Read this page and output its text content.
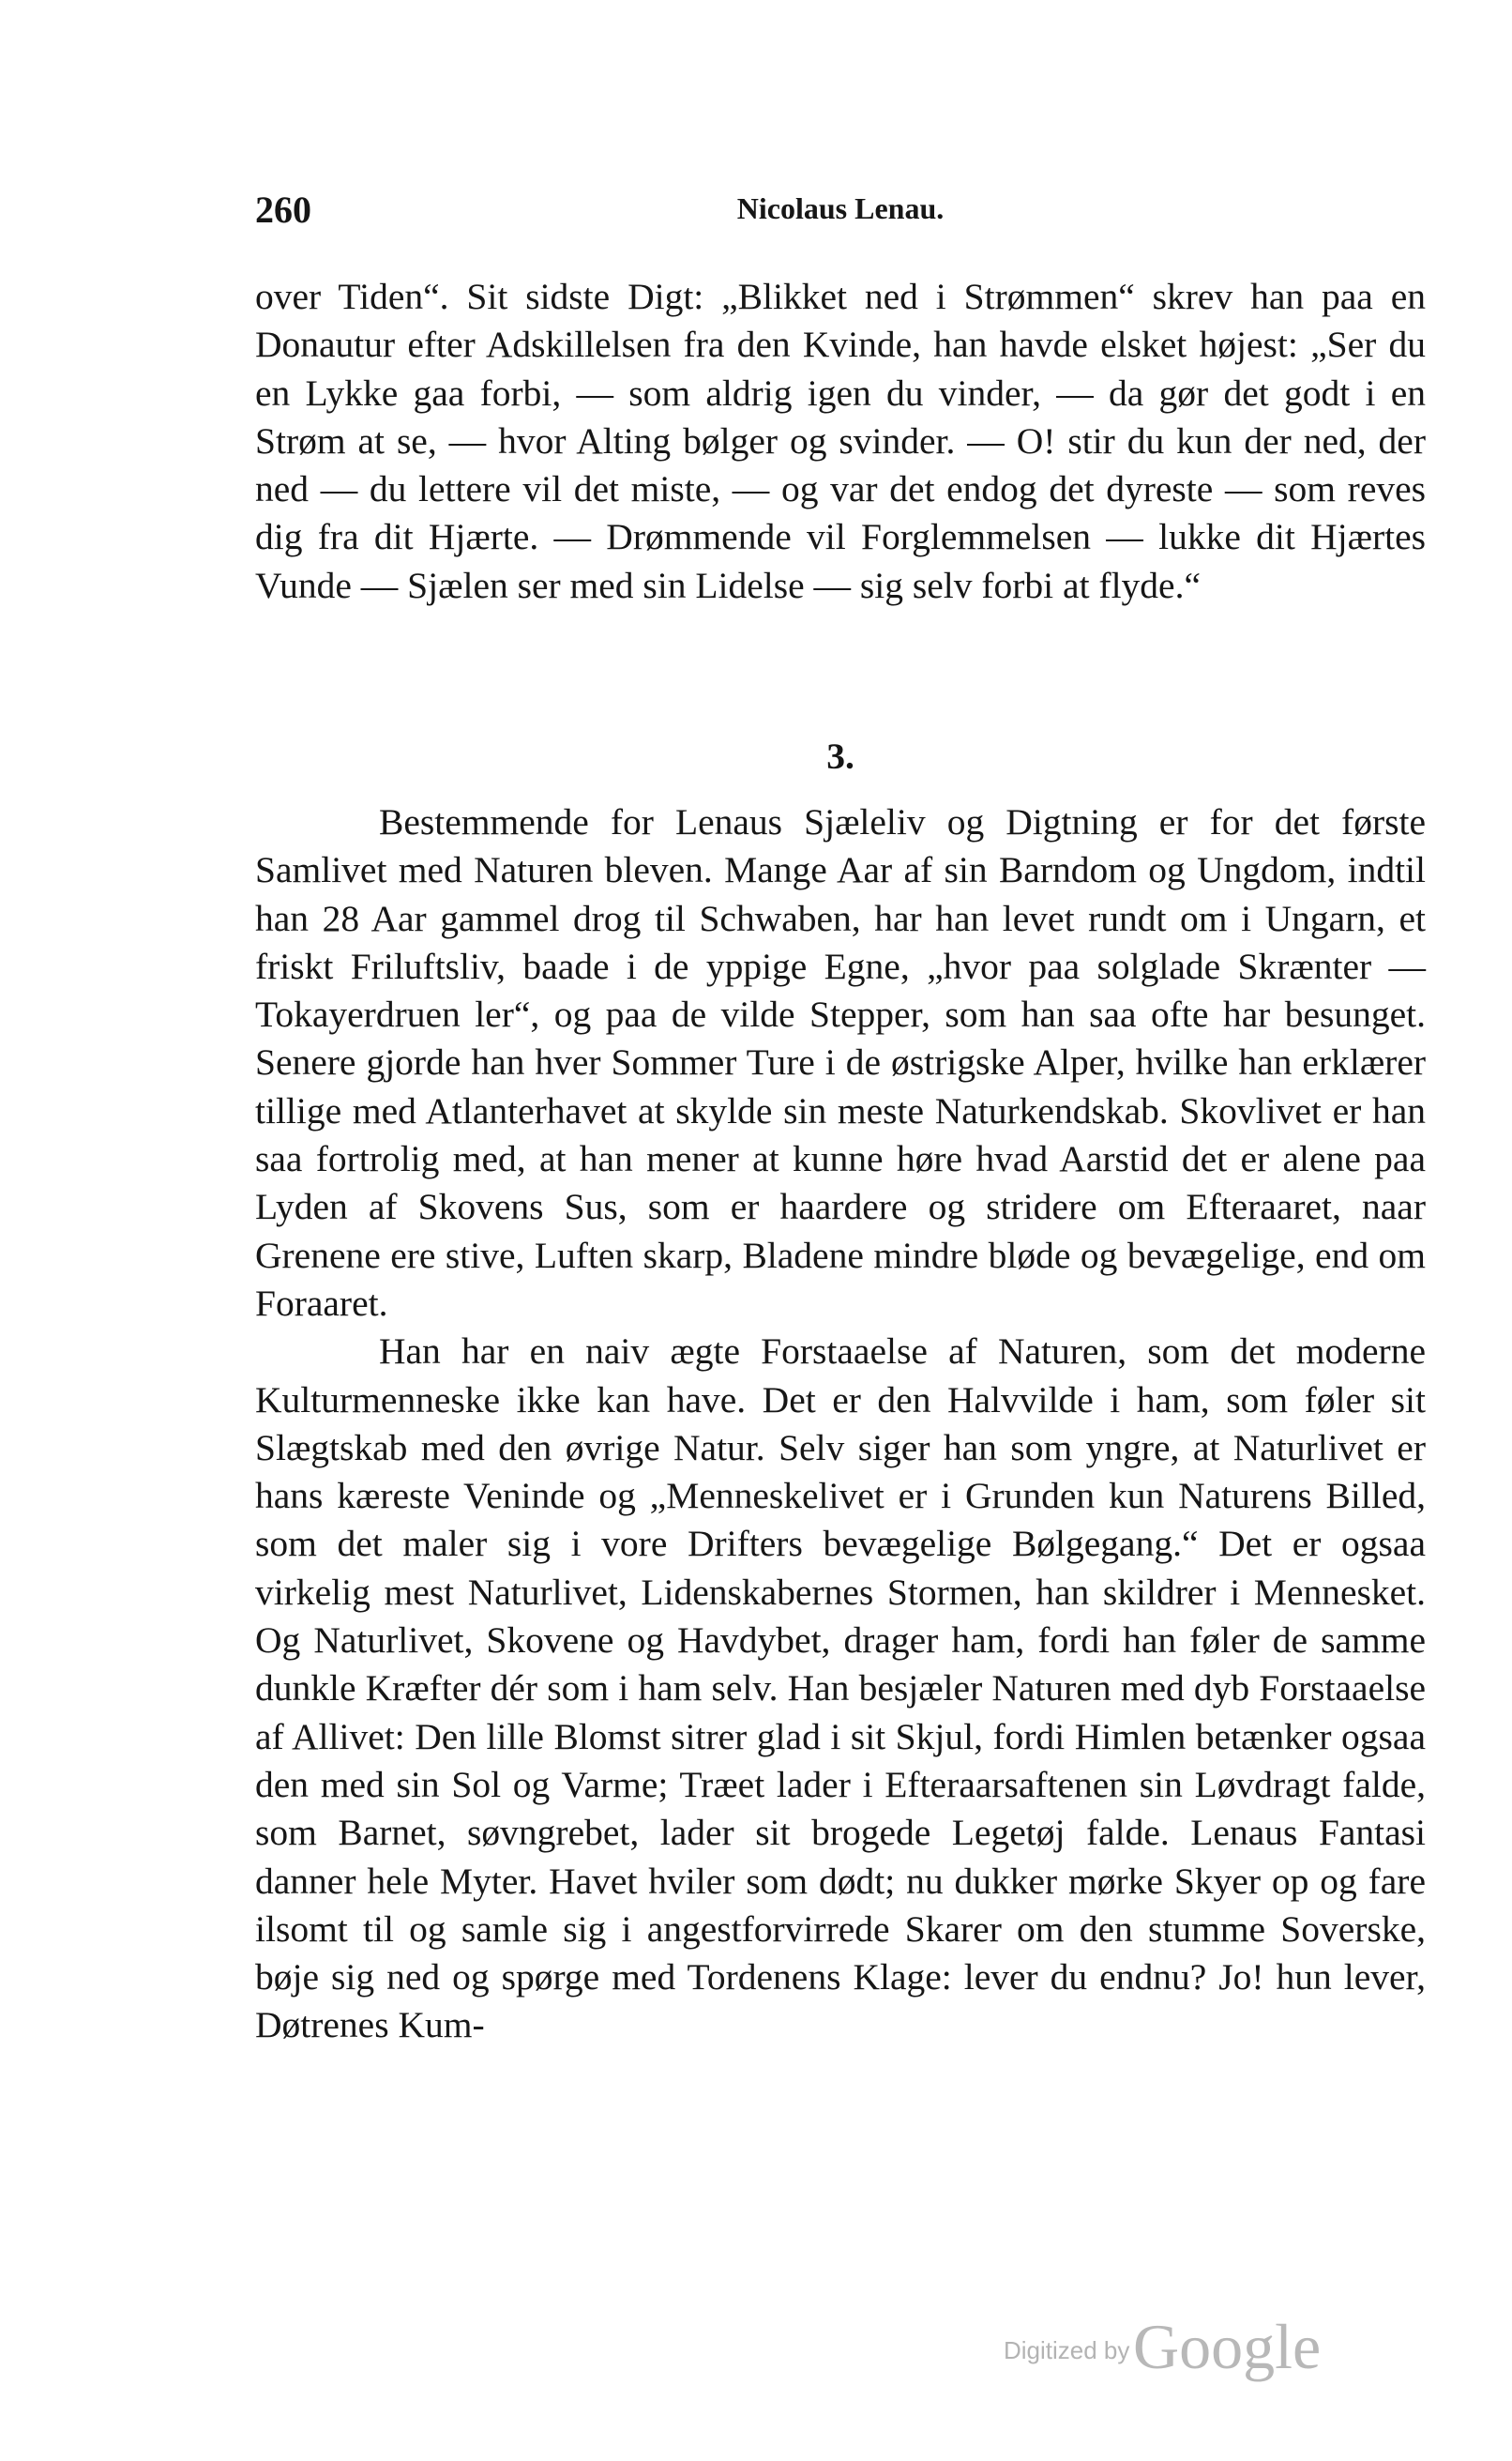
260	Nicolaus Lenau.

over Tiden“. Sit sidste Digt: „Blikket ned i Strømmen“ skrev han paa en Donautur efter Adskillelsen fra den Kvinde, han havde elsket højest: „Ser du en Lykke gaa forbi, — som aldrig igen du vinder, — da gør det godt i en Strøm at se, — hvor Alting bølger og svinder. — O! stir du kun der ned, der ned — du lettere vil det miste, — og var det endog det dyreste — som reves dig fra dit Hjærte. — Drømmende vil Forglemmelsen — lukke dit Hjærtes Vunde — Sjælen ser med sin Lidelse — sig selv forbi at flyde.“

3.

Bestemmende for Lenaus Sjæleliv og Digtning er for det første Samlivet med Naturen bleven. Mange Aar af sin Barndom og Ungdom, indtil han 28 Aar gammel drog til Schwaben, har han levet rundt om i Ungarn, et friskt Friluftsliv, baade i de yppige Egne, „hvor paa solglade Skrænter — Tokayerdruen ler“, og paa de vilde Stepper, som han saa ofte har besunget. Senere gjorde han hver Sommer Ture i de østrigske Alper, hvilke han erklærer tillige med Atlanterhavet at skylde sin meste Naturkendskab. Skovlivet er han saa fortrolig med, at han mener at kunne høre hvad Aarstid det er alene paa Lyden af Skovens Sus, som er haardere og stridere om Efteraaret, naar Grenene ere stive, Luften skarp, Bladene mindre bløde og bevægelige, end om Foraaret.

Han har en naiv ægte Forstaaelse af Naturen, som det moderne Kulturmenneske ikke kan have. Det er den Halvvilde i ham, som føler sit Slægtskab med den øvrige Natur. Selv siger han som yngre, at Naturlivet er hans kæreste Veninde og „Menneskelivet er i Grunden kun Naturens Billed, som det maler sig i vore Drifters bevægelige Bølgegang.“ Det er ogsaa virkelig mest Naturlivet, Lidenskabernes Stormen, han skildrer i Mennesket. Og Naturlivet, Skovene og Havdybet, drager ham, fordi han føler de samme dunkle Kræfter dér som i ham selv. Han besjæler Naturen med dyb Forstaaelse af Allivet: Den lille Blomst sitrer glad i sit Skjul, fordi Himlen betænker ogsaa den med sin Sol og Varme; Træet lader i Efteraarsaftenen sin Løvdragt falde, som Barnet, søvngrebet, lader sit brogede Legetøj falde. Lenaus Fantasi danner hele Myter. Havet hviler som dødt; nu dukker mørke Skyer op og fare ilsomt til og samle sig i angestforvirrede Skarer om den stumme Soverske, bøje sig ned og spørge med Tordenens Klage: lever du endnu? Jo! hun lever, Døtrenes Kum-

Digitized by Google
